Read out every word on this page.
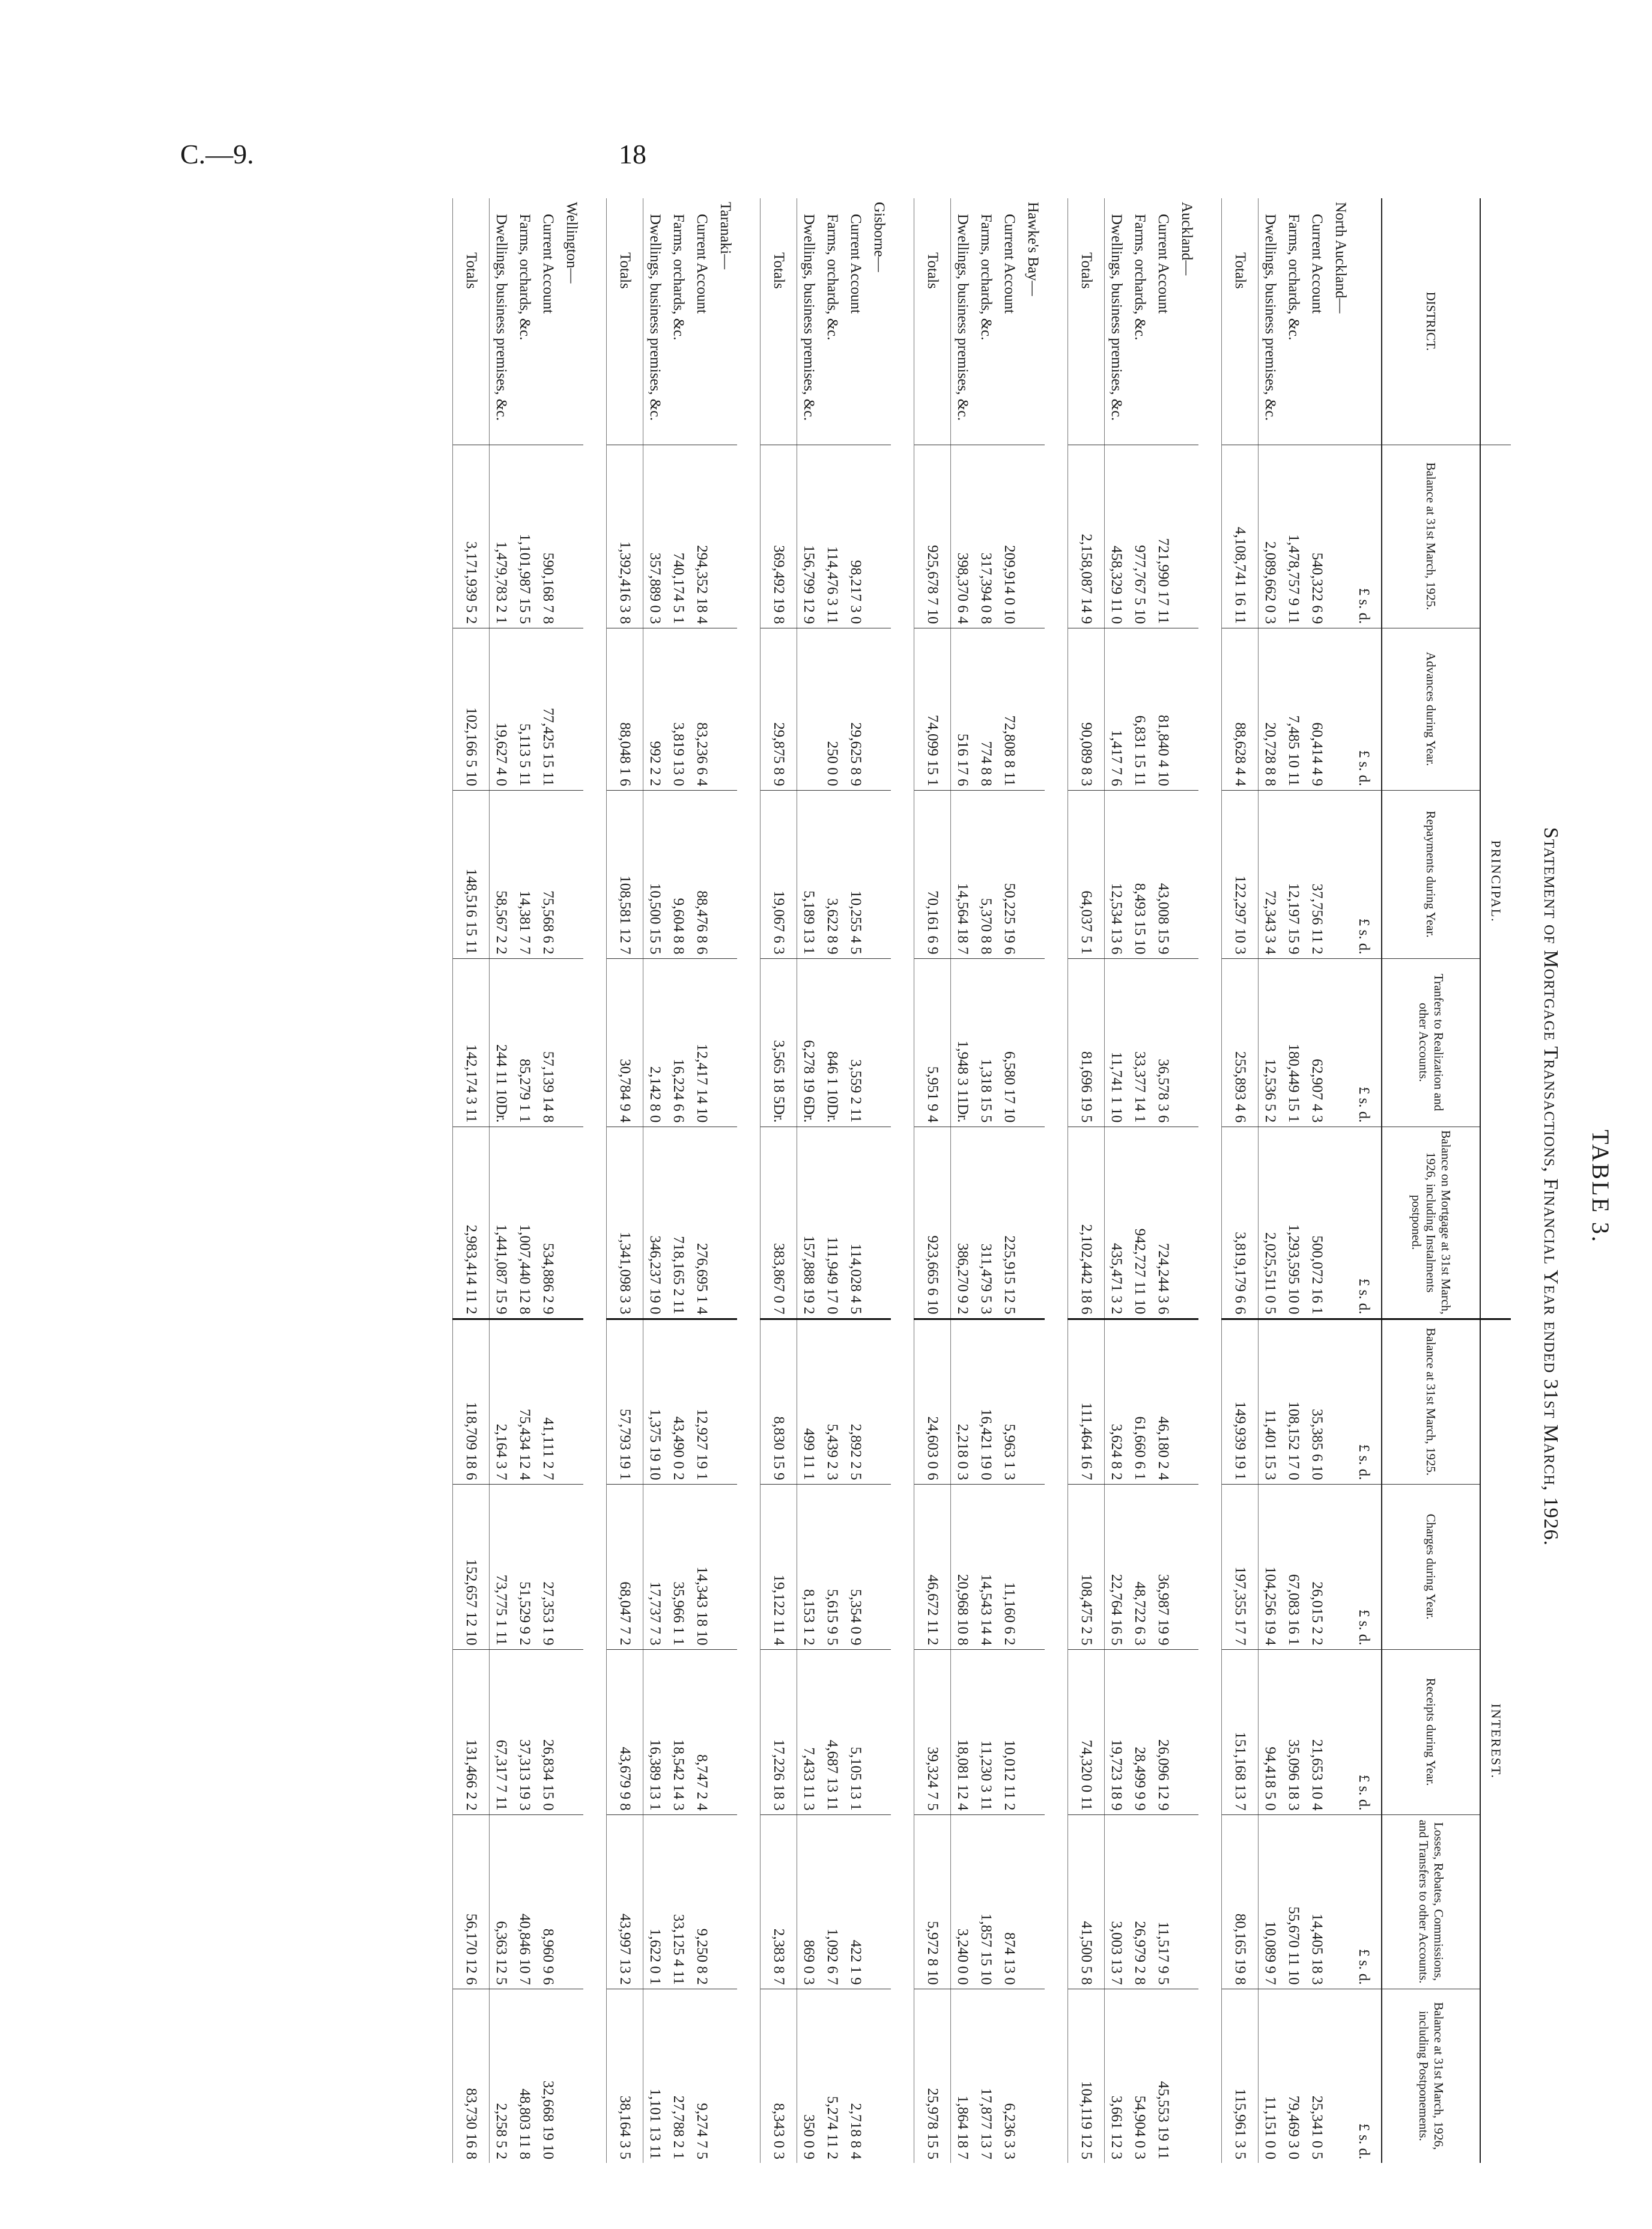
C.—9.	18
TABLE 3.
Statement of Mortgage Transactions, Financial Year ended 31st March, 1926.
	PRINCIPAL.					INTEREST.				
DISTRICT.	Balance at 31st March, 1925.	Advances during Year.	Repayments during Year.	Tranfers to Realization and other Accounts.	Balance on Mortgage at 31st March, 1926, including Instalments postponed.	Balance at 31st March, 1925.	Charges during Year.	Receipts during Year.	Losses, Rebates, Commissions, and Transfers to other Accounts.	Balance at 31st March, 1926, including Postponements.
	£ s. d.	£ s. d.	£ s. d.	£ s. d.	£ s. d.	£ s. d.	£ s. d.	£ s. d.	£ s. d.	£ s. d.
North Auckland—										
Current Account	540,322 6 9	60,414 4 9	37,756 11 2	62,907 4 3	500,072 16 1	35,385 6 10	26,015 2 2	21,653 10 4	14,405 18 3	25,341 0 5
Farms, orchards, &c.	1,478,757 9 11	7,485 10 11	12,197 15 9	180,449 15 1	1,293,595 10 0	108,152 17 0	67,083 16 1	35,096 18 3	55,670 11 10	79,469 3 0
Dwellings, business premises, &c.	2,089,662 0 3	20,728 8 8	72,343 3 4	12,536 5 2	2,025,511 0 5	11,401 15 3	104,256 19 4	94,418 5 0	10,089 9 7	11,151 0 0
Totals	4,108,741 16 11	88,628 4 4	122,297 10 3	255,893 4 6	3,819,179 6 6	149,939 19 1	197,355 17 7	151,168 13 7	80,165 19 8	115,961 3 5

Auckland—										
Current Account	721,990 17 11	81,840 4 10	43,008 15 9	36,578 3 6	724,244 3 6	46,180 2 4	36,987 19 9	26,096 12 9	11,517 9 5	45,553 19 11
Farms, orchards, &c.	977,767 5 10	6,831 15 11	8,493 15 10	33,377 14 1	942,727 11 10	61,660 6 1	48,722 6 3	28,499 9 9	26,979 2 8	54,904 0 3
Dwellings, business premises, &c.	458,329 11 0	1,417 7 6	12,534 13 6	11,741 1 10	435,471 3 2	3,624 8 2	22,764 16 5	19,723 18 9	3,003 13 7	3,661 12 3
Totals	2,158,087 14 9	90,089 8 3	64,037 5 1	81,696 19 5	2,102,442 18 6	111,464 16 7	108,475 2 5	74,320 0 11	41,500 5 8	104,119 12 5

Hawke's Bay—										
Current Account	209,914 0 10	72,808 8 11	50,225 19 6	6,580 17 10	225,915 12 5	5,963 1 3	11,160 6 2	10,012 11 2	874 13 0	6,236 3 3
Farms, orchards, &c.	317,394 0 8	774 8 8	5,370 8 8	1,318 15 5	311,479 5 3	16,421 19 0	14,543 14 4	11,230 3 11	1,857 15 10	17,877 13 7
Dwellings, business premises, &c.	398,370 6 4	516 17 6	14,564 18 7	1,948 3 11Dr.	386,270 9 2	2,218 0 3	20,968 10 8	18,081 12 4	3,240 0 0	1,864 18 7
Totals	925,678 7 10	74,099 15 1	70,161 6 9	5,951 9 4	923,665 6 10	24,603 0 6	46,672 11 2	39,324 7 5	5,972 8 10	25,978 15 5

Gisborne—										
Current Account	98,217 3 0	29,625 8 9	10,255 4 5	3,559 2 11	114,028 4 5	2,892 2 5	5,354 0 9	5,105 13 1	422 1 9	2,718 8 4
Farms, orchards, &c.	114,476 3 11	250 0 0	3,622 8 9	846 1 10Dr.	111,949 17 0	5,439 2 3	5,615 9 5	4,687 13 11	1,092 6 7	5,274 11 2
Dwellings, business premises, &c.	156,799 12 9		5,189 13 1	6,278 19 6Dr.	157,888 19 2	499 11 1	8,153 1 2	7,433 11 3	869 0 3	350 0 9
Totals	369,492 19 8	29,875 8 9	19,067 6 3	3,565 18 5Dr.	383,867 0 7	8,830 15 9	19,122 11 4	17,226 18 3	2,383 8 7	8,343 0 3

Taranaki—										
Current Account	294,352 18 4	83,236 6 4	88,476 8 6	12,417 14 10	276,695 1 4	12,927 19 1	14,343 18 10	8,747 2 4	9,250 8 2	9,274 7 5
Farms, orchards, &c.	740,174 5 1	3,819 13 0	9,604 8 8	16,224 6 6	718,165 2 11	43,490 0 2	35,966 1 1	18,542 14 3	33,125 4 11	27,788 2 1
Dwellings, business premises, &c.	357,889 0 3	992 2 2	10,500 15 5	2,142 8 0	346,237 19 0	1,375 19 10	17,737 7 3	16,389 13 1	1,622 0 1	1,101 13 11
Totals	1,392,416 3 8	88,048 1 6	108,581 12 7	30,784 9 4	1,341,098 3 3	57,793 19 1	68,047 7 2	43,679 9 8	43,997 13 2	38,164 3 5

Wellington—										
Current Account	590,168 7 8	77,425 15 11	75,568 6 2	57,139 14 8	534,886 2 9	41,111 2 7	27,353 1 9	26,834 15 0	8,960 9 6	32,668 19 10
Farms, orchards, &c.	1,101,987 15 5	5,113 5 11	14,381 7 7	85,279 1 1	1,007,440 12 8	75,434 12 4	51,529 9 2	37,313 19 3	40,846 10 7	48,803 11 8
Dwellings, business premises, &c.	1,479,783 2 1	19,627 4 0	58,567 2 2	244 11 10Dr.	1,441,087 15 9	2,164 3 7	73,775 1 11	67,317 7 11	6,363 12 5	2,258 5 2
Totals	3,171,939 5 2	102,166 5 10	148,516 15 11	142,174 3 11	2,983,414 11 2	118,709 18 6	152,657 12 10	131,466 2 2	56,170 12 6	83,730 16 8
